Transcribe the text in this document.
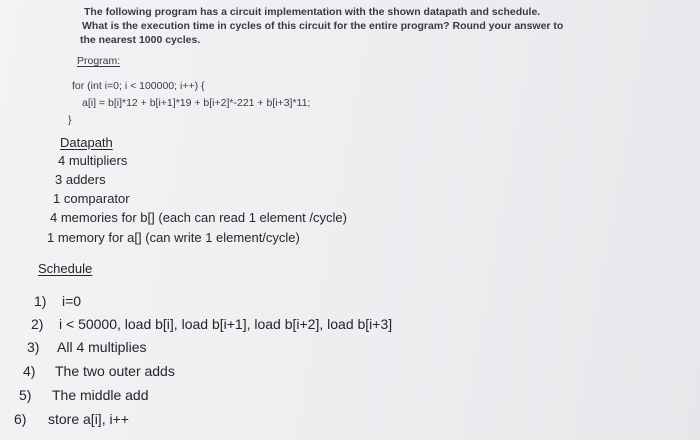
The following program has a circuit implementation with the shown datapath and schedule.
What is the execution time in cycles of this circuit for the entire program? Round your answer to
the nearest 1000 cycles.
Program:
for (int i=0; i < 100000; i++) {
a[i] = b[i]*12 + b[i+1]*19 + b[i+2]*-221 + b[i+3]*11;
}
Datapath
4 multipliers
3 adders
1 comparator
4 memories for b[] (each can read 1 element /cycle)
1 memory for a[] (can write 1 element/cycle)
Schedule
1) i=0
2) i < 50000, load b[i], load b[i+1], load b[i+2], load b[i+3]
3) All 4 multiplies
4) The two outer adds
5) The middle add
6) store a[i], i++
